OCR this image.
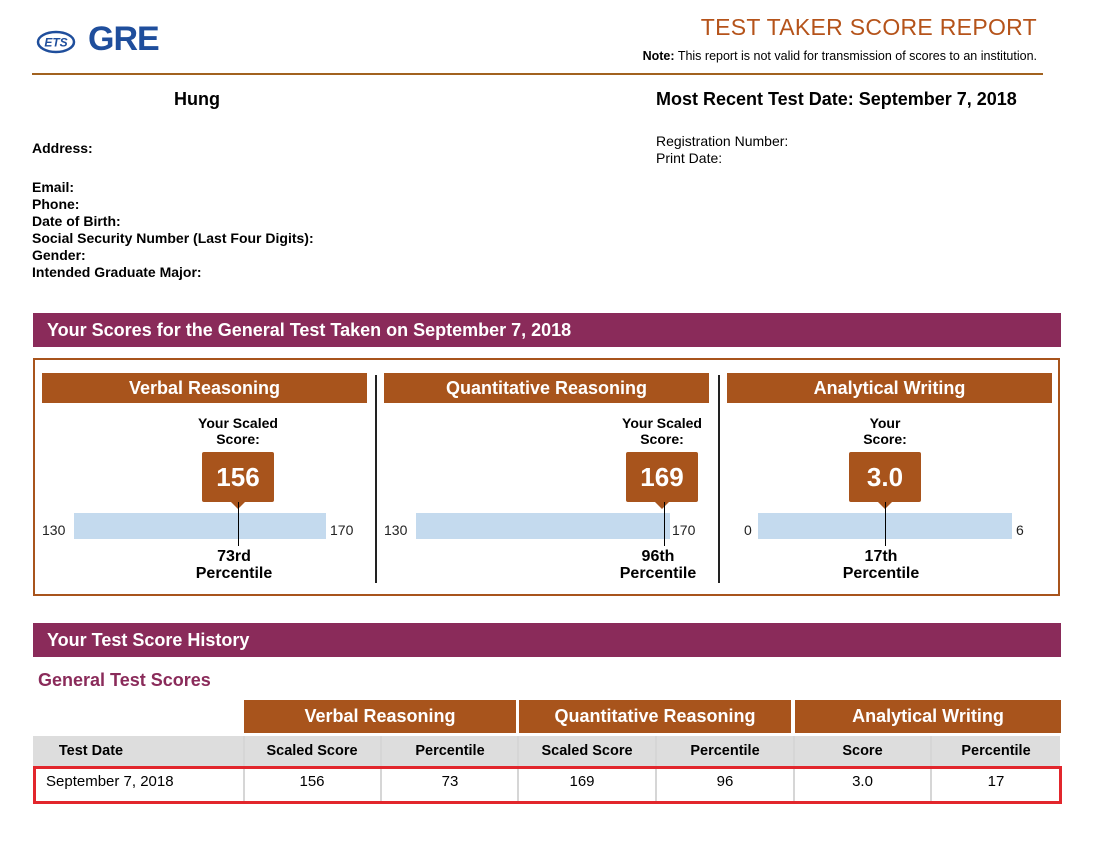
ETS GRE	TEST TAKER SCORE REPORT
Note: This report is not valid for transmission of scores to an institution.
Hung	Most Recent Test Date: September 7, 2018
Address:
Email:
Phone:
Date of Birth:
Social Security Number (Last Four Digits):
Gender:
Intended Graduate Major:
Registration Number:
Print Date:
Your Scores for the General Test Taken on September 7, 2018
Verbal Reasoning
Your Scaled
Score:
156
130	170
73rd
Percentile
Quantitative Reasoning
Your Scaled
Score:
169
130	170
96th
Percentile
Analytical Writing
Your
Score:
3.0
0	6
17th
Percentile
Your Test Score History
General Test Scores
Verbal Reasoning	Quantitative Reasoning	Analytical Writing
Test Date	Scaled Score	Percentile	Scaled Score	Percentile	Score	Percentile
September 7, 2018	156	73	169	96	3.0	17
